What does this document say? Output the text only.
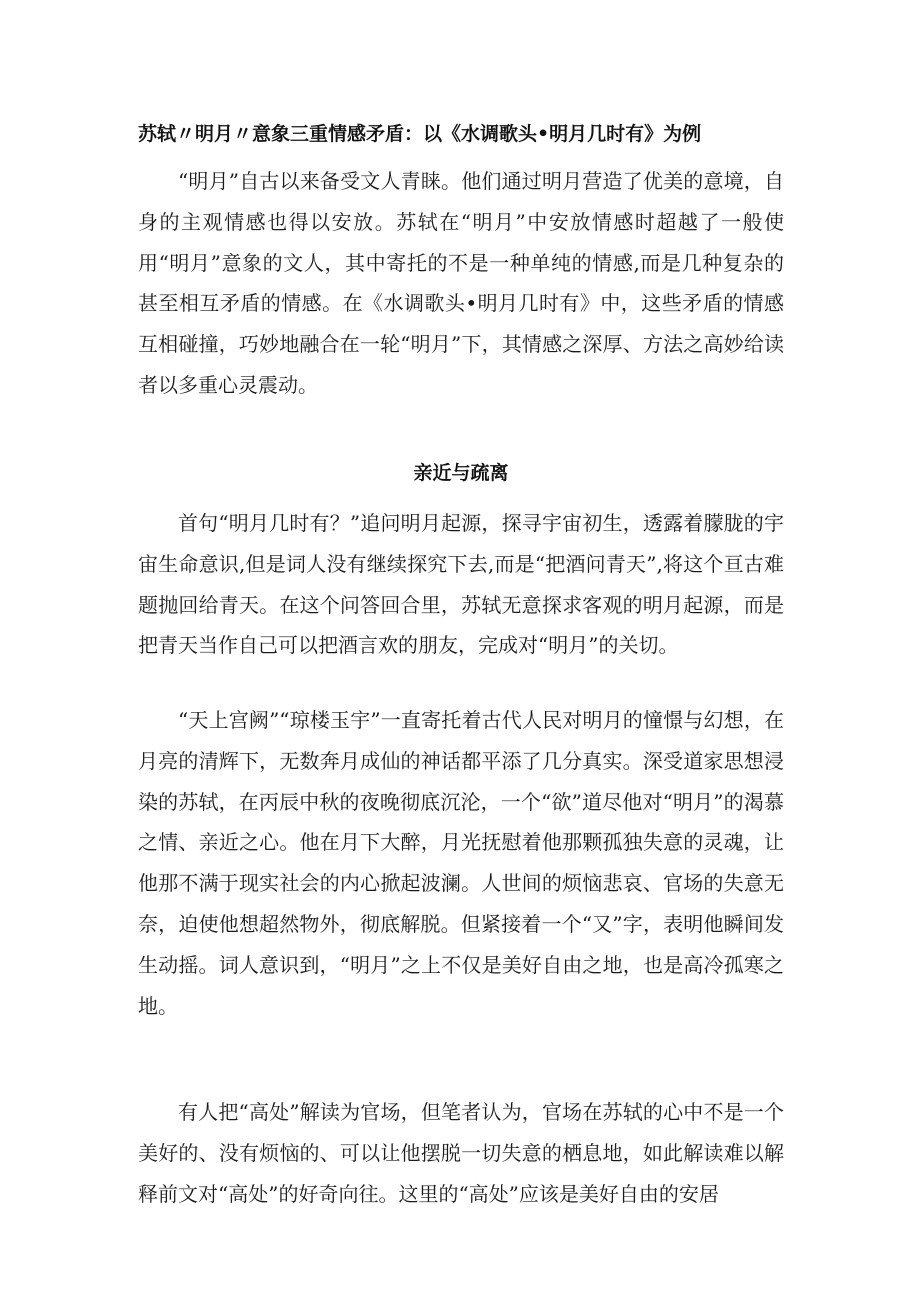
苏轼〃明月〃意象三重情感矛盾：以《水调歌头•明月几时有》为例

“明月”自古以来备受文人青睐。他们通过明月营造了优美的意境，自身的主观情感也得以安放。苏轼在“明月”中安放情感时超越了一般使用“明月”意象的文人，其中寄托的不是一种单纯的情感,而是几种复杂的甚至相互矛盾的情感。在《水调歌头•明月几时有》中，这些矛盾的情感互相碰撞，巧妙地融合在一轮“明月”下，其情感之深厚、方法之高妙给读者以多重心灵震动。

亲近与疏离

首句“明月几时有？”追问明月起源，探寻宇宙初生，透露着朦胧的宇宙生命意识,但是词人没有继续探究下去,而是“把酒问青天”,将这个亘古难题抛回给青天。在这个问答回合里，苏轼无意探求客观的明月起源，而是把青天当作自己可以把酒言欢的朋友，完成对“明月”的关切。

“天上宫阙”“琼楼玉宇”一直寄托着古代人民对明月的憧憬与幻想，在月亮的清辉下，无数奔月成仙的神话都平添了几分真实。深受道家思想浸染的苏轼，在丙辰中秋的夜晚彻底沉沦，一个“欲”道尽他对“明月”的渴慕之情、亲近之心。他在月下大醉，月光抚慰着他那颗孤独失意的灵魂，让他那不满于现实社会的内心掀起波澜。人世间的烦恼悲哀、官场的失意无奈，迫使他想超然物外，彻底解脱。但紧接着一个“又”字，表明他瞬间发生动摇。词人意识到，“明月”之上不仅是美好自由之地，也是高冷孤寒之地。

有人把“高处”解读为官场，但笔者认为，官场在苏轼的心中不是一个美好的、没有烦恼的、可以让他摆脱一切失意的栖息地，如此解读难以解释前文对“高处”的好奇向往。这里的“高处”应该是美好自由的安居
